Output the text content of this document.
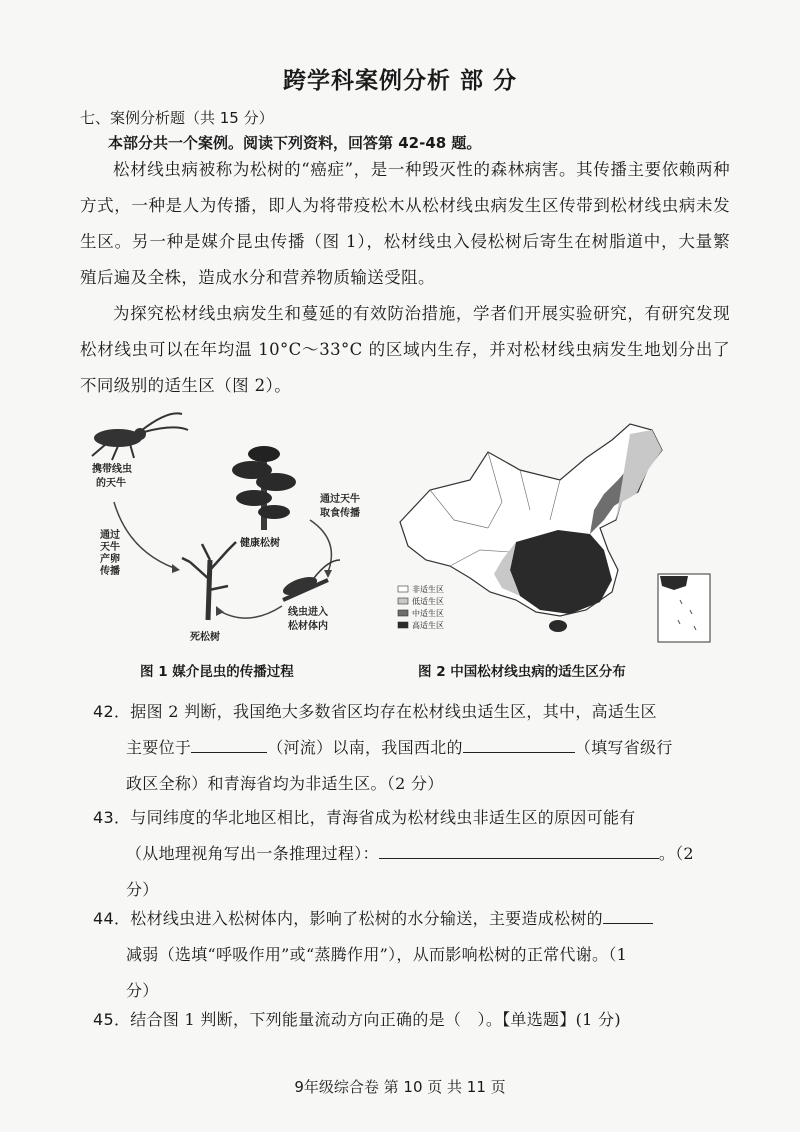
跨学科案例分析 部 分
七、案例分析题（共 15 分）
本部分共一个案例。阅读下列资料，回答第 42-48 题。
松材线虫病被称为松树的“癌症”，是一种毁灭性的森林病害。其传播主要依赖两种方式，一种是人为传播，即人为将带疫松木从松材线虫病发生区传带到松材线虫病未发生区。另一种是媒介昆虫传播（图 1），松材线虫入侵松树后寄生在树脂道中，大量繁殖后遍及全株，造成水分和营养物质输送受阻。
为探究松材线虫病发生和蔓延的有效防治措施，学者们开展实验研究，有研究发现松材线虫可以在年均温 10°C～33°C 的区域内生存，并对松材线虫病发生地划分出了不同级别的适生区（图 2）。
携带线虫
的天牛
健康松树
通过天牛
取食传播
线虫进入
松材体内
通过
天牛
产卵
传播
死松树
非适生区
低适生区
中适生区
高适生区
图 1 媒介昆虫的传播过程	图 2 中国松材线虫病的适生区分布
42．据图 2 判断，我国绝大多数省区均存在松材线虫适生区，其中，高适生区
主要位于	（河流）以南，我国西北的	（填写省级行
政区全称）和青海省均为非适生区。（2 分）
43．与同纬度的华北地区相比，青海省成为松材线虫非适生区的原因可能有
（从地理视角写出一条推理过程）：	。（2
分）
44．松材线虫进入松树体内，影响了松树的水分输送，主要造成松树的
减弱（选填“呼吸作用”或“蒸腾作用”），从而影响松树的正常代谢。（1
分）
45．结合图 1 判断，下列能量流动方向正确的是（　）。【单选题】(1 分)
9年级综合卷 第 10 页 共 11 页
